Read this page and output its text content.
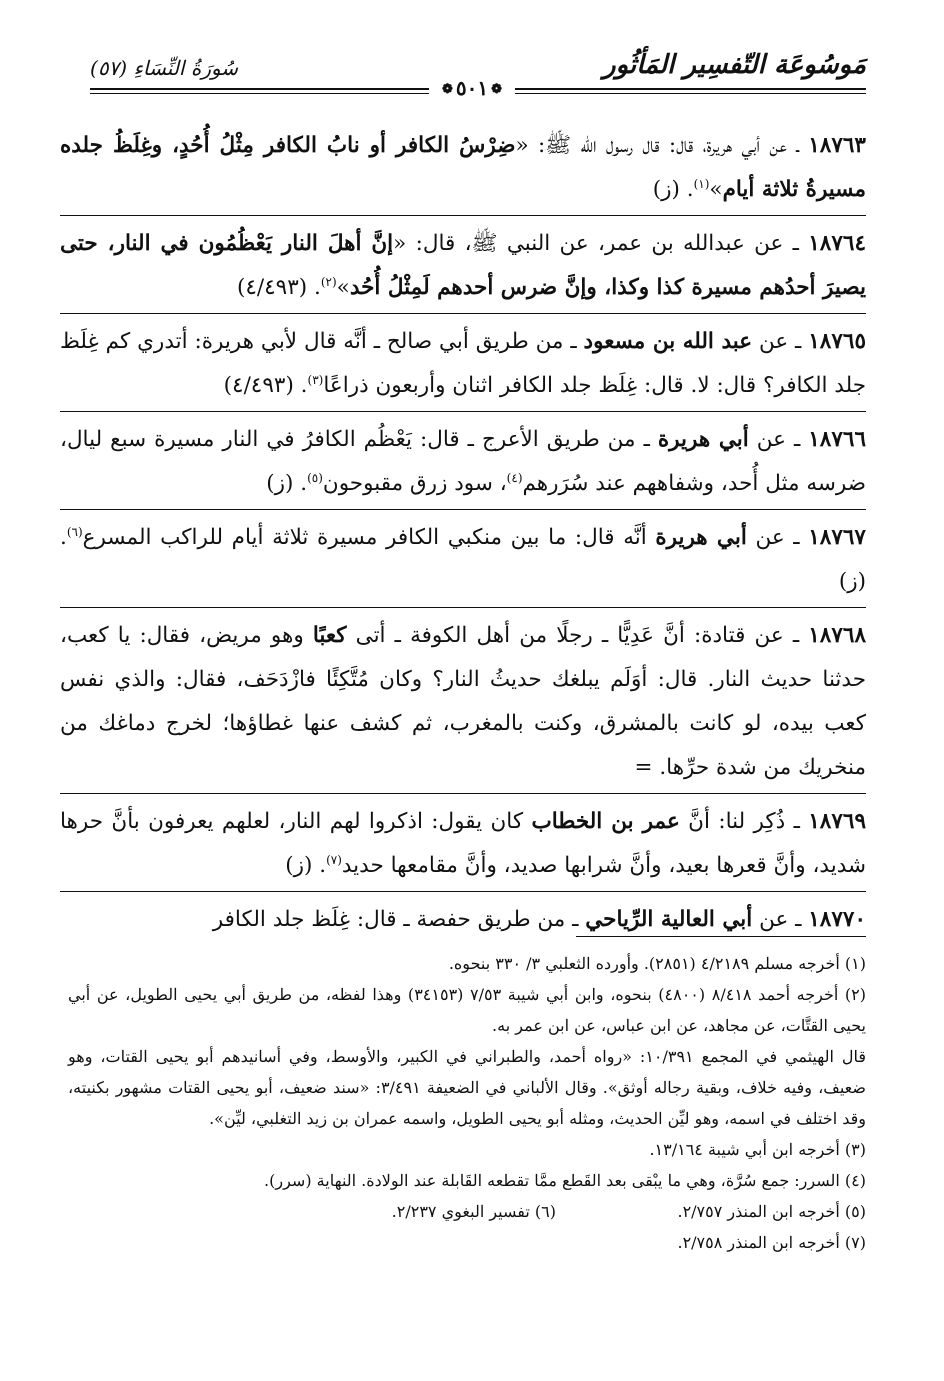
مَوسُوعَة التّفسِير المَأثُور
سُورَةُ النِّسَاءِ (٥٧)
❁٥٠١❁
١٨٧٦٣ ـ عن أبي هريرة، قال: قال رسول الله ﷺ: «ضِرْسُ الكافر أو نابُ الكافر مِثْلُ أُحُدٍ، وغِلَظُ جلده مسيرةُ ثلاثة أيام»$^{(١)}$. (ز)
١٨٧٦٤ ـ عن عبدالله بن عمر، عن النبي ﷺ، قال: «إنَّ أهلَ النار يَعْظُمُون في النار، حتى يصيرَ أحدُهم مسيرة كذا وكذا، وإنَّ ضرس أحدهم لَمِثْلُ أُحُد»$^{(٢)}$. (٤/٤٩٣)
١٨٧٦٥ ـ عن عبد الله بن مسعود ـ من طريق أبي صالح ـ أنَّه قال لأبي هريرة: أتدري كم غِلَظ جلد الكافر؟ قال: لا. قال: غِلَظ جلد الكافر اثنان وأربعون ذراعًا$^{(٣)}$. (٤/٤٩٣)
١٨٧٦٦ ـ عن أبي هريرة ـ من طريق الأعرج ـ قال: يَعْظُم الكافرُ في النار مسيرة سبع ليال، ضرسه مثل أُحد، وشفاههم عند سُرَرهم$^{(٤)}$، سود زرق مقبوحون$^{(٥)}$. (ز)
١٨٧٦٧ ـ عن أبي هريرة أنَّه قال: ما بين منكبي الكافر مسيرة ثلاثة أيام للراكب المسرع$^{(٦)}$. (ز)
١٨٧٦٨ ـ عن قتادة: أنَّ عَدِيًّا ـ رجلًا من أهل الكوفة ـ أتى كعبًا وهو مريض، فقال: يا كعب، حدثنا حديث النار. قال: أوَلَم يبلغك حديثُ النار؟ وكان مُتَّكِئًا فازْدَحَف، فقال: والذي نفس كعب بيده، لو كانت بالمشرق، وكنت بالمغرب، ثم كشف عنها غطاؤها؛ لخرج دماغك من منخريك من شدة حرِّها. =
١٨٧٦٩ ـ ذُكِر لنا: أنَّ عمر بن الخطاب كان يقول: اذكروا لهم النار، لعلهم يعرفون بأنَّ حرها شديد، وأنَّ قعرها بعيد، وأنَّ شرابها صديد، وأنَّ مقامعها حديد$^{(٧)}$. (ز)
١٨٧٧٠ ـ عن أبي العالية الرِّياحي ـ من طريق حفصة ـ قال: غِلَظ جلد الكافر

(١) أخرجه مسلم ٤/٢١٨٩ (٢٨٥١). وأورده الثعلبي ٣/ ٣٣٠ بنحوه.

(٢) أخرجه أحمد ٨/٤١٨ (٤٨٠٠) بنحوه، وابن أبي شيبة ٧/٥٣ (٣٤١٥٣) وهذا لفظه، من طريق أبي يحيى الطويل، عن أبي يحيى القتَّات، عن مجاهد، عن ابن عباس، عن ابن عمر به.

قال الهيثمي في المجمع ١٠/٣٩١: «رواه أحمد، والطبراني في الكبير، والأوسط، وفي أسانيدهم أبو يحيى القتات، وهو ضعيف، وفيه خلاف، وبقية رجاله أوثق». وقال الألباني في الضعيفة ٣/٤٩١: «سند ضعيف، أبو يحيى القتات مشهور بكنيته، وقد اختلف في اسمه، وهو ليِّن الحديث، ومثله أبو يحيى الطويل، واسمه عمران بن زيد التغلبي، ليِّن».

(٣) أخرجه ابن أبي شيبة ١٣/١٦٤.

(٤) السرر: جمع سُرَّة، وهي ما يبْقى بعد القَطع ممَّا تقطعه القَابلة عند الولادة. النهاية (سرر).

(٥) أخرجه ابن المنذر ٢/٧٥٧.

(٦) تفسير البغوي ٢/٢٣٧.

(٧) أخرجه ابن المنذر ٢/٧٥٨.
